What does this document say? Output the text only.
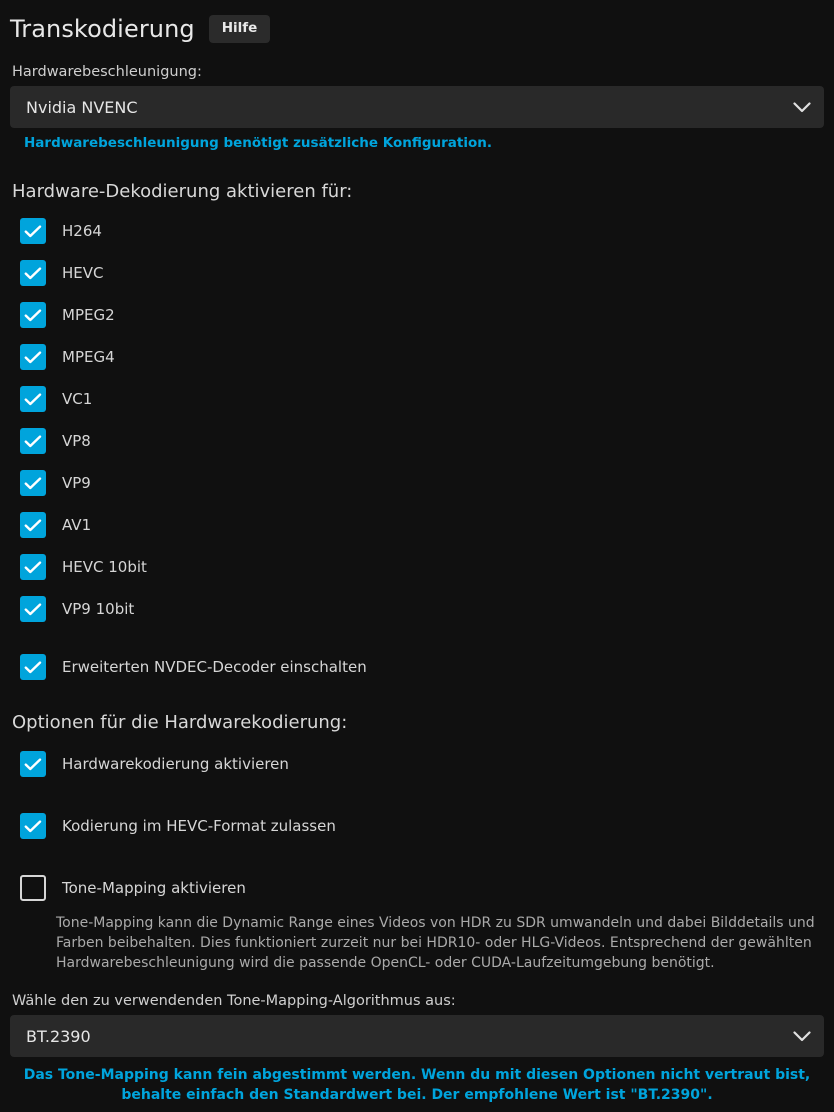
Transkodierung	Hilfe
Hardwarebeschleunigung:
Nvidia NVENC
Hardwarebeschleunigung benötigt zusätzliche Konfiguration.
Hardware-Dekodierung aktivieren für:
H264
HEVC
MPEG2
MPEG4
VC1
VP8
VP9
AV1
HEVC 10bit
VP9 10bit
Erweiterten NVDEC-Decoder einschalten
Optionen für die Hardwarekodierung:
Hardwarekodierung aktivieren
Kodierung im HEVC-Format zulassen
Tone-Mapping aktivieren
Tone-Mapping kann die Dynamic Range eines Videos von HDR zu SDR umwandeln und dabei Bilddetails und Farben beibehalten. Dies funktioniert zurzeit nur bei HDR10- oder HLG-Videos. Entsprechend der gewählten Hardwarebeschleunigung wird die passende OpenCL- oder CUDA-Laufzeitumgebung benötigt.
Wähle den zu verwendenden Tone-Mapping-Algorithmus aus:
BT.2390
Das Tone-Mapping kann fein abgestimmt werden. Wenn du mit diesen Optionen nicht vertraut bist, behalte einfach den Standardwert bei. Der empfohlene Wert ist "BT.2390".
